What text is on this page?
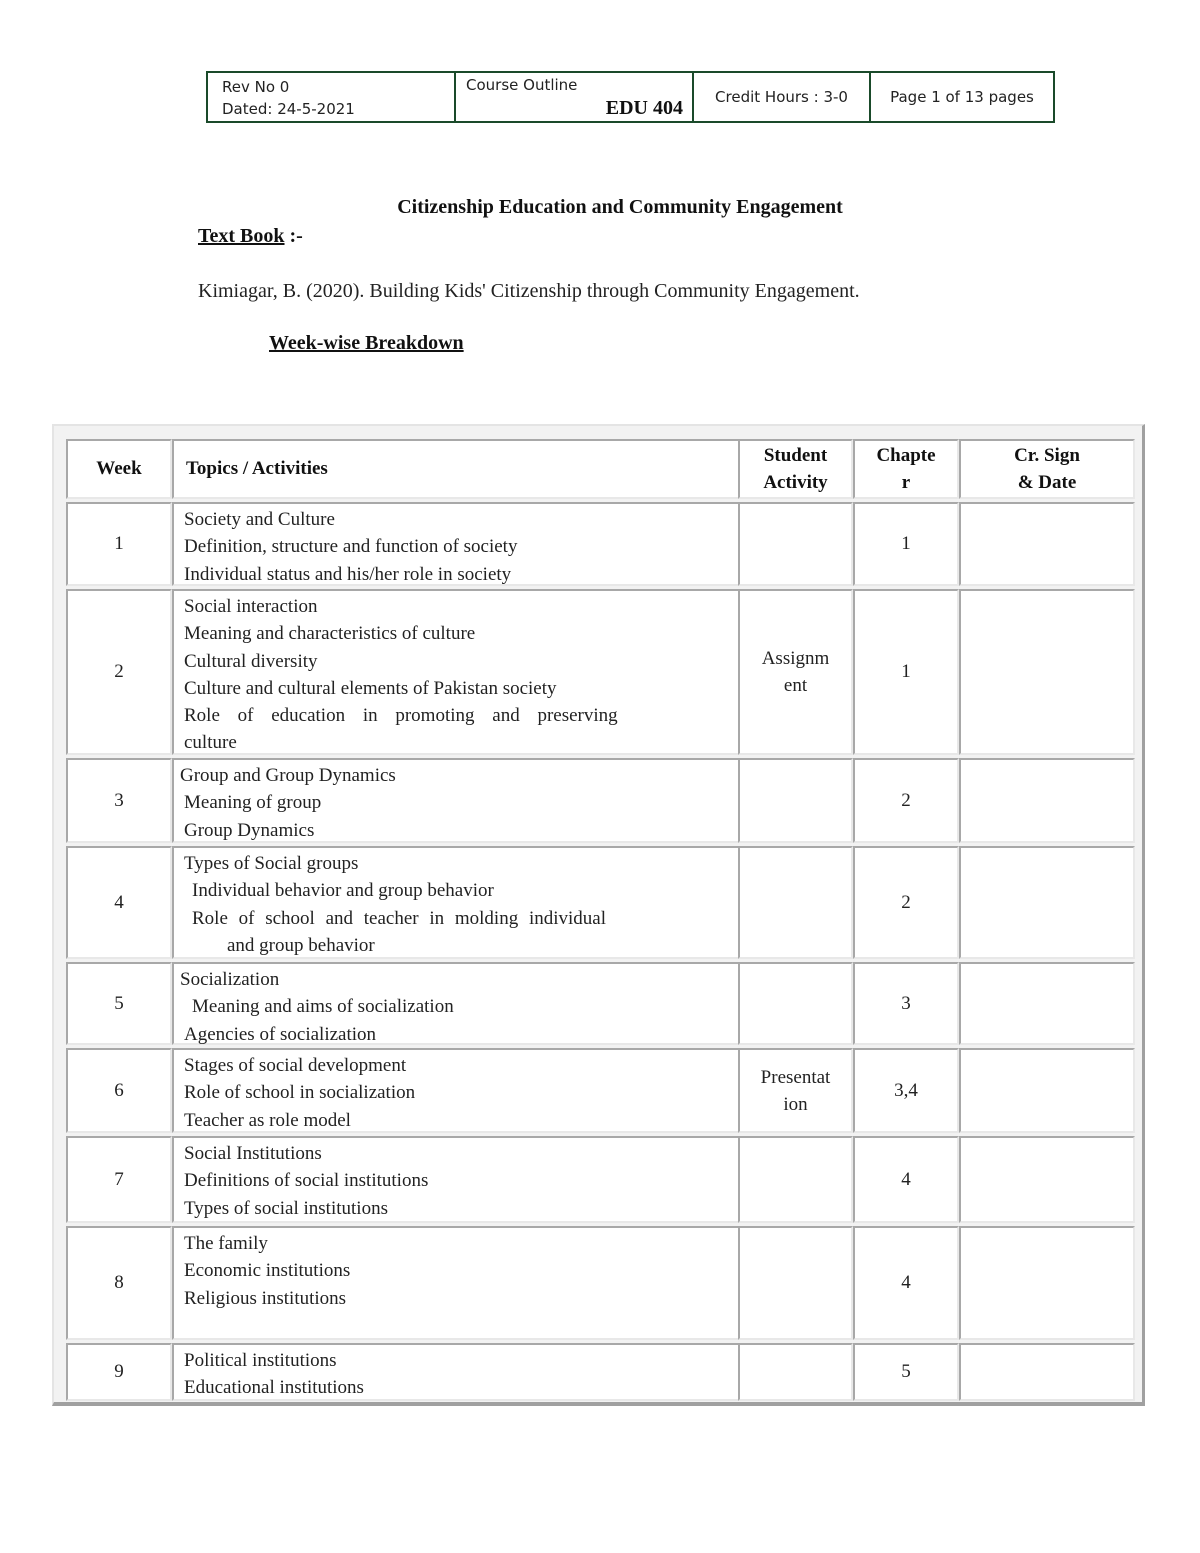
Rev No 0
Dated: 24-5-2021
Course Outline
EDU 404 Credit Hours : 3-0	Page 1 of 13 pages
Citizenship Education and Community Engagement
Text Book :-
Kimiagar, B. (2020). Building Kids' Citizenship through Community Engagement.
Week-wise Breakdown
Week Topics / Activities
Student
Activity
Chapte
r
Cr. Sign
& Date
1
Society and Culture
Definition, structure and function of society
Individual status and his/her role in society
1
2
Social interaction
Meaning and characteristics of culture
Cultural diversity
Culture and cultural elements of Pakistan society
Role of education in promoting and preserving
culture
Assignm
ent
1
3
Group and Group Dynamics
Meaning of group
Group Dynamics
2
4
Types of Social groups
Individual behavior and group behavior
Role of school and teacher in molding individual
and group behavior
2
5
Socialization
Meaning and aims of socialization
Agencies of socialization
3
6
Stages of social development
Role of school in socialization
Teacher as role model
Presentat
ion
3,4
7
Social Institutions
Definitions of social institutions
Types of social institutions
4
8
The family
Economic institutions
Religious institutions
4
9
Political institutions
Educational institutions
5
